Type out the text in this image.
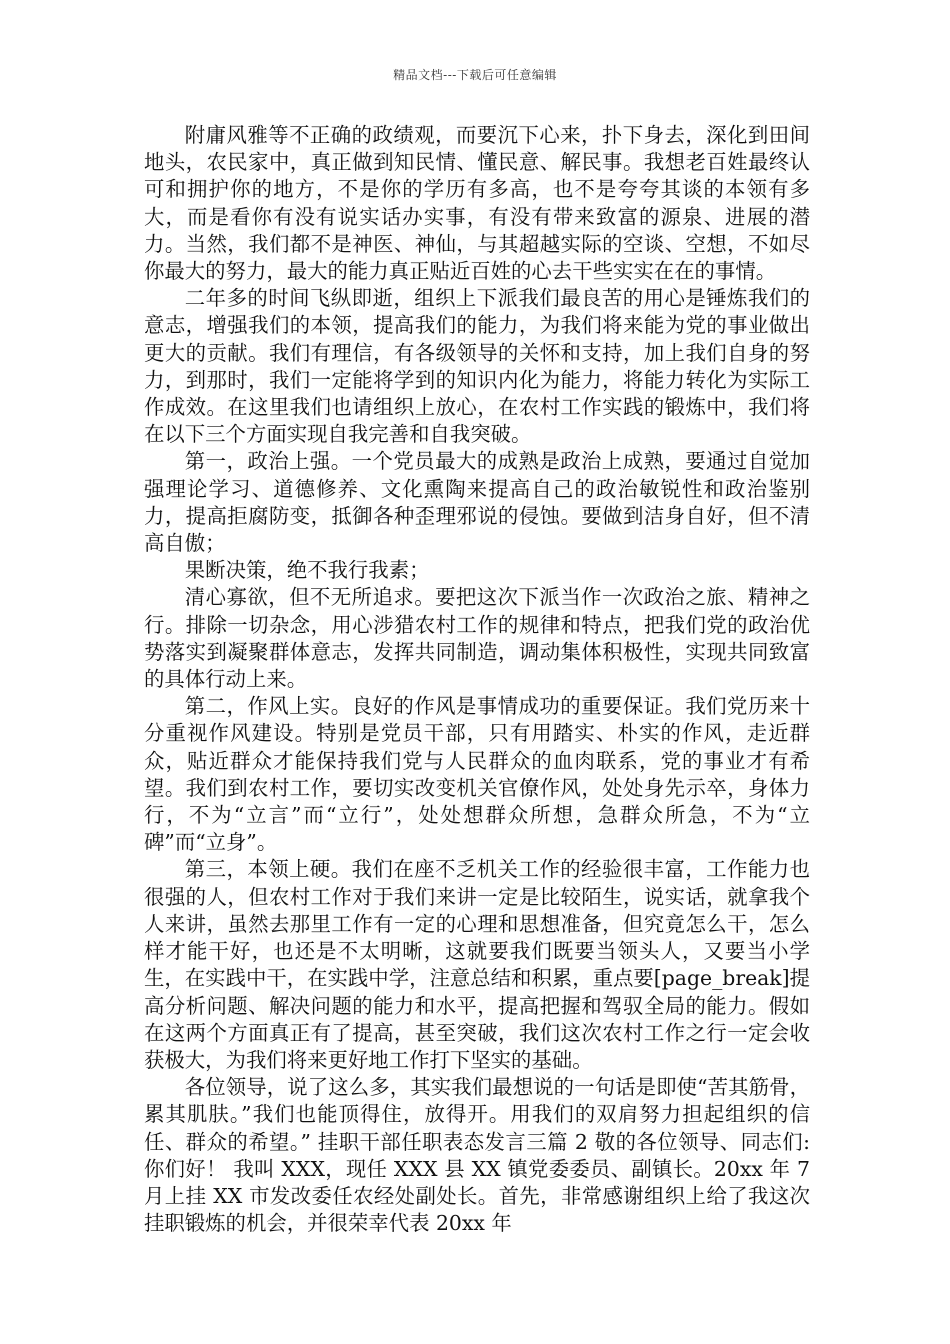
精品文档---下载后可任意编辑

附庸风雅等不正确的政绩观，而要沉下心来，扑下身去，深化到田间地头，农民家中，真正做到知民情、懂民意、解民事。我想老百姓最终认可和拥护你的地方，不是你的学历有多高，也不是夸夸其谈的本领有多大，而是看你有没有说实话办实事，有没有带来致富的源泉、进展的潜力。当然，我们都不是神医、神仙，与其超越实际的空谈、空想，不如尽你最大的努力，最大的能力真正贴近百姓的心去干些实实在在的事情。

二年多的时间飞纵即逝，组织上下派我们最良苦的用心是锤炼我们的意志，增强我们的本领，提高我们的能力，为我们将来能为党的事业做出更大的贡献。我们有理信，有各级领导的关怀和支持，加上我们自身的努力，到那时，我们一定能将学到的知识内化为能力，将能力转化为实际工作成效。在这里我们也请组织上放心，在农村工作实践的锻炼中，我们将在以下三个方面实现自我完善和自我突破。

第一，政治上强。一个党员最大的成熟是政治上成熟，要通过自觉加强理论学习、道德修养、文化熏陶来提高自己的政治敏锐性和政治鉴别力，提高拒腐防变，抵御各种歪理邪说的侵蚀。要做到洁身自好，但不清高自傲；

果断决策，绝不我行我素；

清心寡欲，但不无所追求。要把这次下派当作一次政治之旅、精神之行。排除一切杂念，用心涉猎农村工作的规律和特点，把我们党的政治优势落实到凝聚群体意志，发挥共同制造，调动集体积极性，实现共同致富的具体行动上来。

第二，作风上实。良好的作风是事情成功的重要保证。我们党历来十分重视作风建设。特别是党员干部，只有用踏实、朴实的作风，走近群众，贴近群众才能保持我们党与人民群众的血肉联系，党的事业才有希望。我们到农村工作，要切实改变机关官僚作风，处处身先示卒，身体力行，不为“立言”而“立行”，处处想群众所想，急群众所急，不为“立碑”而“立身”。

第三，本领上硬。我们在座不乏机关工作的经验很丰富，工作能力也很强的人，但农村工作对于我们来讲一定是比较陌生，说实话，就拿我个人来讲，虽然去那里工作有一定的心理和思想准备，但究竟怎么干，怎么样才能干好，也还是不太明晰，这就要我们既要当领头人，又要当小学生，在实践中干，在实践中学，注意总结和积累，重点要[page_break]提高分析问题、解决问题的能力和水平，提高把握和驾驭全局的能力。假如在这两个方面真正有了提高，甚至突破，我们这次农村工作之行一定会收获极大，为我们将来更好地工作打下坚实的基础。

各位领导，说了这么多，其实我们最想说的一句话是即使“苦其筋骨，累其肌肤。”我们也能顶得住，放得开。用我们的双肩努力担起组织的信任、群众的希望。” 挂职干部任职表态发言三篇 2 敬的各位领导、同志们: 你们好！ 我叫 XXX，现任 XXX 县 XX 镇党委委员、副镇长。20xx 年 7 月上挂 XX 市发改委任农经处副处长。首先，非常感谢组织上给了我这次挂职锻炼的机会，并很荣幸代表 20xx 年
